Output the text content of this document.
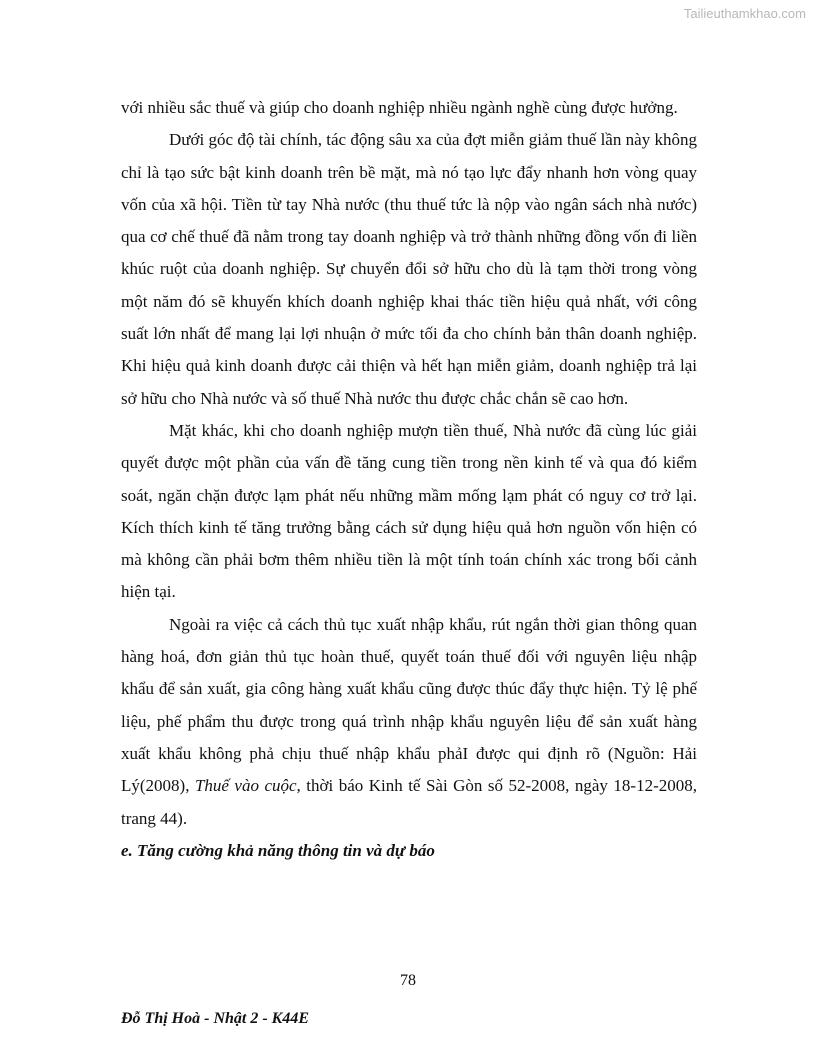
Tailieuthamkhao.com

với nhiều sắc thuế và giúp cho doanh nghiệp nhiều ngành nghề cùng được hưởng.

Dưới góc độ tài chính, tác động sâu xa của đợt miễn giảm thuế lần này không chỉ là tạo sức bật kinh doanh trên bề mặt, mà nó tạo lực đẩy nhanh hơn vòng quay vốn của xã hội. Tiền từ tay Nhà nước (thu thuế tức là nộp vào ngân sách nhà nước) qua cơ chế thuế đã nằm trong tay doanh nghiệp và trở thành những đồng vốn đi liền khúc ruột của doanh nghiệp. Sự chuyển đổi sở hữu cho dù là tạm thời trong vòng một năm đó sẽ khuyến khích doanh nghiệp khai thác tiền hiệu quả nhất, với công suất lớn nhất để mang lại lợi nhuận ở mức tối đa cho chính bản thân doanh nghiệp. Khi hiệu quả kinh doanh được cải thiện và hết hạn miễn giảm, doanh nghiệp trả lại sở hữu cho Nhà nước và số thuế Nhà nước thu được chắc chắn sẽ cao hơn.

Mặt khác, khi cho doanh nghiệp mượn tiền thuế, Nhà nước đã cùng lúc giải quyết được một phần của vấn đề tăng cung tiền trong nền kinh tế và qua đó kiểm soát, ngăn chặn được lạm phát nếu những mầm mống lạm phát có nguy cơ trở lại. Kích thích kinh tế tăng trưởng bằng cách sử dụng hiệu quả hơn nguồn vốn hiện có mà không cần phải bơm thêm nhiều tiền là một tính toán chính xác trong bối cảnh hiện tại.

Ngoài ra việc cả cách thủ tục xuất nhập khẩu, rút ngắn thời gian thông quan hàng hoá, đơn giản thủ tục hoàn thuế, quyết toán thuế đối với nguyên liệu nhập khẩu để sản xuất, gia công hàng xuất khẩu cũng được thúc đẩy thực hiện. Tỷ lệ phế liệu, phế phẩm thu được trong quá trình nhập khẩu nguyên liệu để sản xuất hàng xuất khẩu không phả chịu thuế nhập khẩu phảI được qui định rõ (Nguồn: Hải Lý(2008), Thuế vào cuộc, thời báo Kinh tế Sài Gòn số 52-2008, ngày 18-12-2008, trang 44).

e. Tăng cường khả năng thông tin và dự báo

78
Đỗ Thị Hoà - Nhật 2 - K44E
